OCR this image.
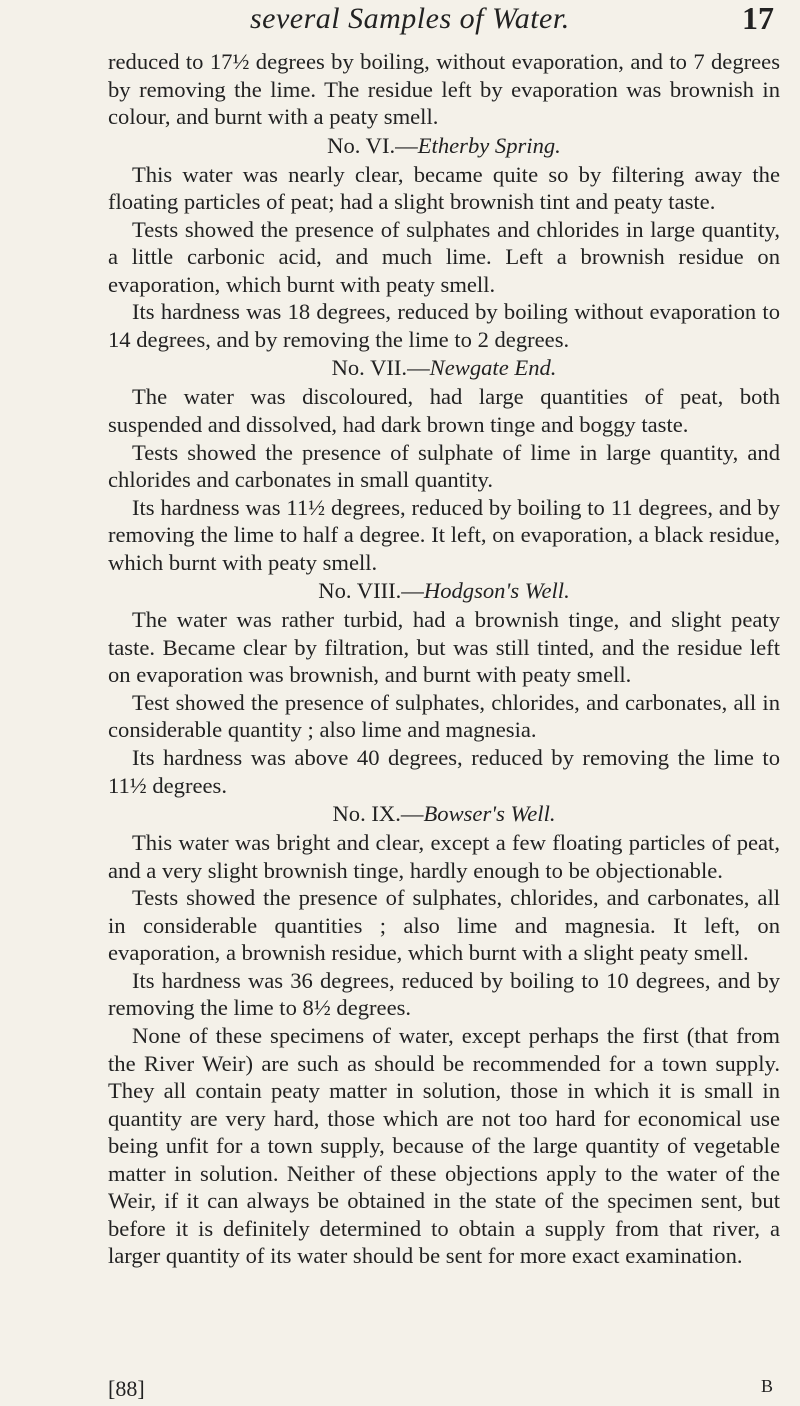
several Samples of Water.	17

reduced to 17½ degrees by boiling, without evaporation, and to 7 degrees by removing the lime. The residue left by evaporation was brownish in colour, and burnt with a peaty smell.

No. VI.—Etherby Spring.

This water was nearly clear, became quite so by filtering away the floating particles of peat; had a slight brownish tint and peaty taste.

Tests showed the presence of sulphates and chlorides in large quantity, a little carbonic acid, and much lime. Left a brownish residue on evaporation, which burnt with peaty smell.

Its hardness was 18 degrees, reduced by boiling without evaporation to 14 degrees, and by removing the lime to 2 degrees.

No. VII.—Newgate End.

The water was discoloured, had large quantities of peat, both suspended and dissolved, had dark brown tinge and boggy taste.

Tests showed the presence of sulphate of lime in large quantity, and chlorides and carbonates in small quantity.

Its hardness was 11½ degrees, reduced by boiling to 11 degrees, and by removing the lime to half a degree. It left, on evaporation, a black residue, which burnt with peaty smell.

No. VIII.—Hodgson's Well.

The water was rather turbid, had a brownish tinge, and slight peaty taste. Became clear by filtration, but was still tinted, and the residue left on evaporation was brownish, and burnt with peaty smell.

Test showed the presence of sulphates, chlorides, and carbonates, all in considerable quantity ; also lime and magnesia.

Its hardness was above 40 degrees, reduced by removing the lime to 11½ degrees.

No. IX.—Bowser's Well.

This water was bright and clear, except a few floating particles of peat, and a very slight brownish tinge, hardly enough to be objectionable.

Tests showed the presence of sulphates, chlorides, and carbonates, all in considerable quantities ; also lime and magnesia. It left, on evaporation, a brownish residue, which burnt with a slight peaty smell.

Its hardness was 36 degrees, reduced by boiling to 10 degrees, and by removing the lime to 8½ degrees.

None of these specimens of water, except perhaps the first (that from the River Weir) are such as should be recommended for a town supply. They all contain peaty matter in solution, those in which it is small in quantity are very hard, those which are not too hard for economical use being unfit for a town supply, because of the large quantity of vegetable matter in solution. Neither of these objections apply to the water of the Weir, if it can always be obtained in the state of the specimen sent, but before it is definitely determined to obtain a supply from that river, a larger quantity of its water should be sent for more exact examination.

[88]	B
